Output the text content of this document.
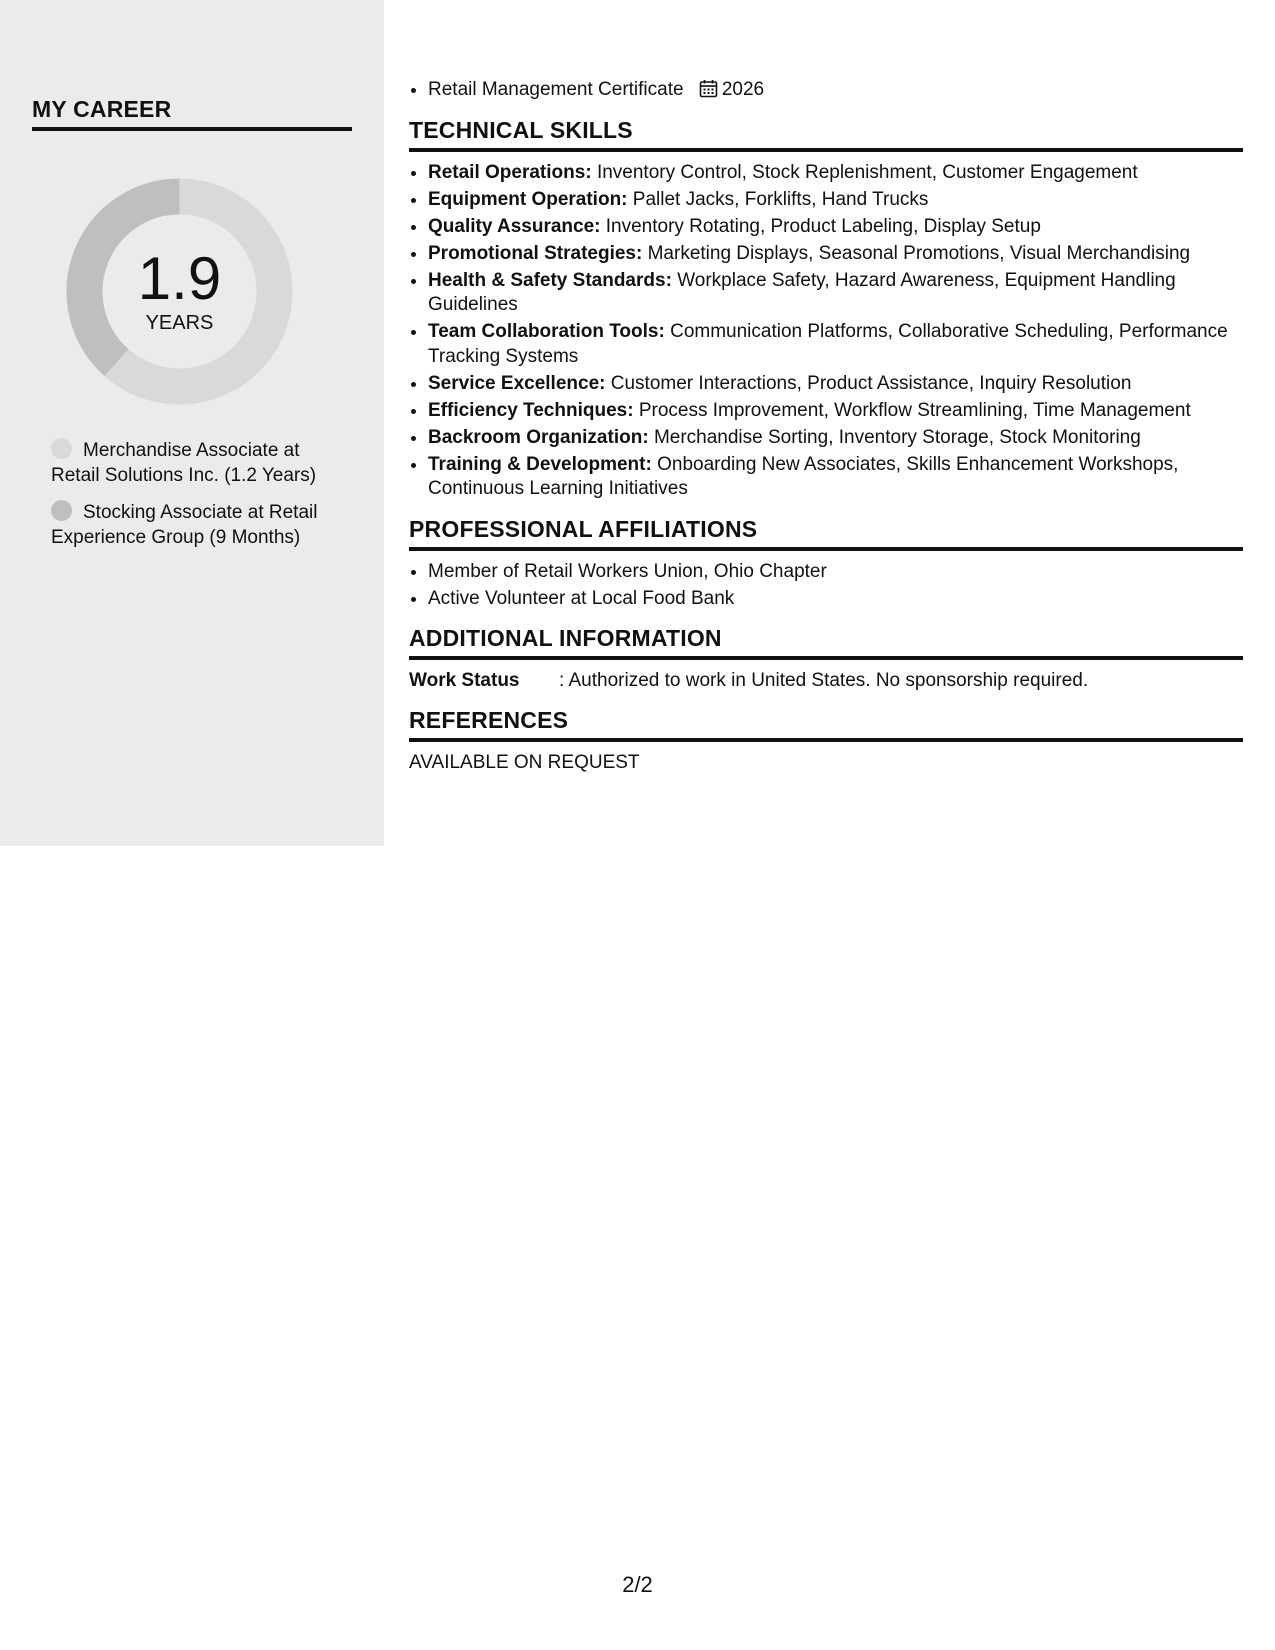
MY CAREER
1.9
YEARS
Merchandise Associate at Retail Solutions Inc. (1.2 Years)
Stocking Associate at Retail Experience Group (9 Months)
• Retail Management Certificate 2026
TECHNICAL SKILLS
• Retail Operations: Inventory Control, Stock Replenishment, Customer Engagement
• Equipment Operation: Pallet Jacks, Forklifts, Hand Trucks
• Quality Assurance: Inventory Rotating, Product Labeling, Display Setup
• Promotional Strategies: Marketing Displays, Seasonal Promotions, Visual Merchandising
• Health & Safety Standards: Workplace Safety, Hazard Awareness, Equipment Handling Guidelines
• Team Collaboration Tools: Communication Platforms, Collaborative Scheduling, Performance Tracking Systems
• Service Excellence: Customer Interactions, Product Assistance, Inquiry Resolution
• Efficiency Techniques: Process Improvement, Workflow Streamlining, Time Management
• Backroom Organization: Merchandise Sorting, Inventory Storage, Stock Monitoring
• Training & Development: Onboarding New Associates, Skills Enhancement Workshops, Continuous Learning Initiatives
PROFESSIONAL AFFILIATIONS
• Member of Retail Workers Union, Ohio Chapter
• Active Volunteer at Local Food Bank
ADDITIONAL INFORMATION
Work Status	: Authorized to work in United States. No sponsorship required.
REFERENCES
AVAILABLE ON REQUEST
2/2
